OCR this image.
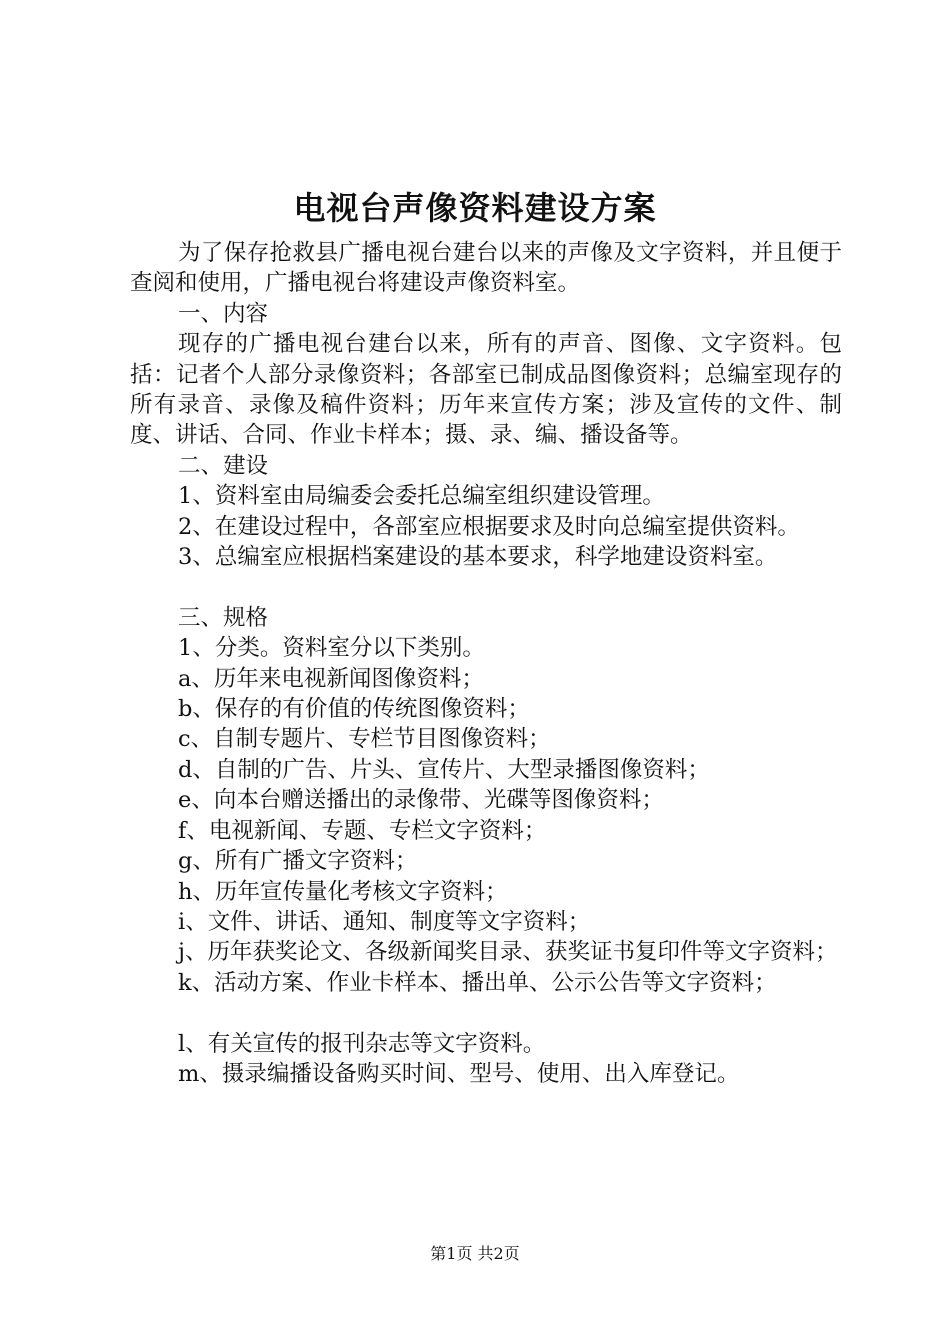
电视台声像资料建设方案

为了保存抢救县广播电视台建台以来的声像及文字资料，并且便于查阅和使用，广播电视台将建设声像资料室。

一、内容

现存的广播电视台建台以来，所有的声音、图像、文字资料。包括：记者个人部分录像资料；各部室已制成品图像资料；总编室现存的所有录音、录像及稿件资料；历年来宣传方案；涉及宣传的文件、制度、讲话、合同、作业卡样本；摄、录、编、播设备等。

二、建设

1、资料室由局编委会委托总编室组织建设管理。

2、在建设过程中，各部室应根据要求及时向总编室提供资料。

3、总编室应根据档案建设的基本要求，科学地建设资料室。

三、规格

1、分类。资料室分以下类别。

a、历年来电视新闻图像资料；

b、保存的有价值的传统图像资料；

c、自制专题片、专栏节目图像资料；

d、自制的广告、片头、宣传片、大型录播图像资料；

e、向本台赠送播出的录像带、光碟等图像资料；

f、电视新闻、专题、专栏文字资料；

g、所有广播文字资料；

h、历年宣传量化考核文字资料；

i、文件、讲话、通知、制度等文字资料；

j、历年获奖论文、各级新闻奖目录、获奖证书复印件等文字资料；

k、活动方案、作业卡样本、播出单、公示公告等文字资料；

l、有关宣传的报刊杂志等文字资料。

m、摄录编播设备购买时间、型号、使用、出入库登记。

第1页 共2页
